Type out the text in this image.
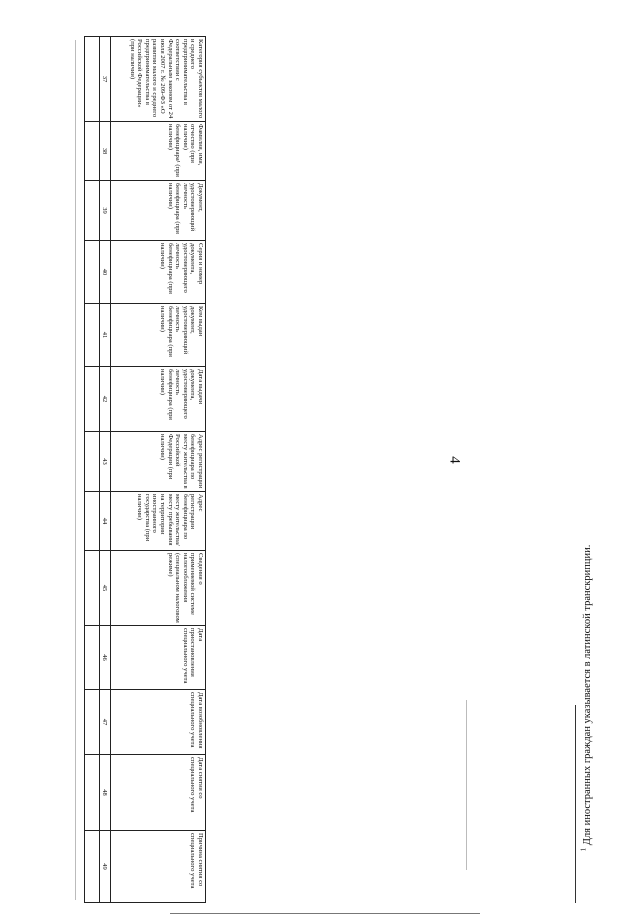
4
Категория субъектов малого и среднего предпринимательства в соответствии с Федеральным законом от 24 июля 2007 г. № 209-ФЗ «О развитии малого и среднего предпринимательства в Российской Федерации» (при наличии)	Фамилия, имя, отчество (при наличии) бенефициара¹ (при наличии)	Документ, удостоверяющий личность бенефициара (при наличии)	Серия и номер документа, удостоверяющего личность бенефициара (при наличии)	Кем выдан документ, удостоверяющий личность бенефициара (при наличии)	Дата выдачи документа, удостоверяющего личность бенефициара (при наличии)	Адрес регистрации бенефициара по месту жительства в Российской Федерации (при наличии)	Адрес регистрации бенефициара по месту жительства/ месту пребывания на территории иностранного государства (при наличии)	Сведения о применяемой системе налогообложения (специальном налоговом режиме)	Дата приостановления специального учета	Дата возобновления специального учета	Дата снятия со специального учета	Причина снятия со специального учета
37	38	39	40	41	42	43	44	45	46	47	48	49

$^1$ Для иностранных граждан указывается в латинской транскрипции.
